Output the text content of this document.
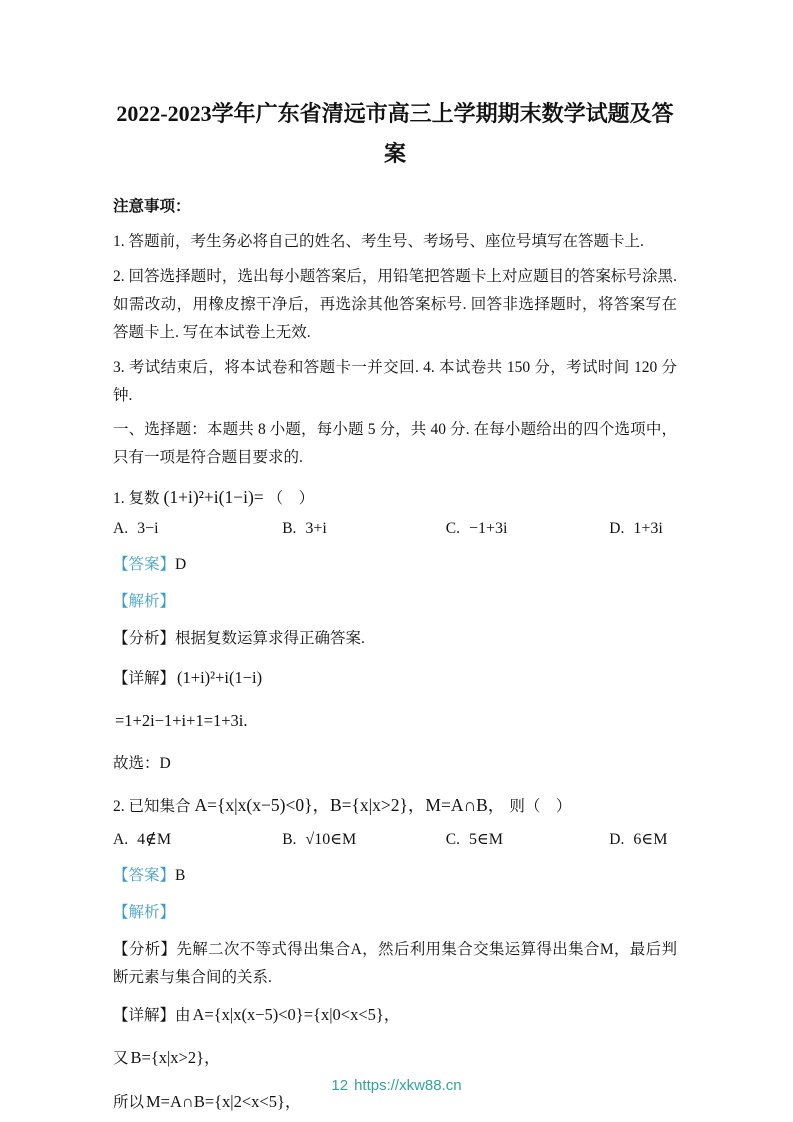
2022-2023学年广东省清远市高三上学期期末数学试题及答
案

注意事项：

1. 答题前，考生务必将自己的姓名、考生号、考场号、座位号填写在答题卡上.

2. 回答选择题时，选出每小题答案后，用铅笔把答题卡上对应题目的答案标号涂黑. 如需改动，用橡皮擦干净后，再选涂其他答案标号. 回答非选择题时，将答案写在答题卡上. 写在本试卷上无效.

3. 考试结束后，将本试卷和答题卡一并交回. 4. 本试卷共 150 分，考试时间 120 分钟.

一、选择题：本题共 8 小题，每小题 5 分，共 40 分. 在每小题给出的四个选项中，只有一项是符合题目要求的.

1. 复数 (1+i)²+i(1−i)= （　）

A. 3−i	B. 3+i	C. −1+3i	D. 1+3i

【答案】D

【解析】

【分析】根据复数运算求得正确答案.

【详解】 (1+i)²+i(1−i)

=1+2i−1+i+1=1+3i.

故选：D

2. 已知集合 A={x|x(x−5)<0}，B={x|x>2}，M=A∩B， 则（　）

A. 4∉M	B. √10∈M	C. 5∈M	D. 6∈M

【答案】B

【解析】

【分析】先解二次不等式得出集合A，然后利用集合交集运算得出集合M，最后判断元素与集合间的关系.

【详解】由 A={x|x(x−5)<0}={x|0<x<5}，

又 B={x|x>2}，

所以 M=A∩B={x|2<x<5}，

12 https://xkw88.cn
